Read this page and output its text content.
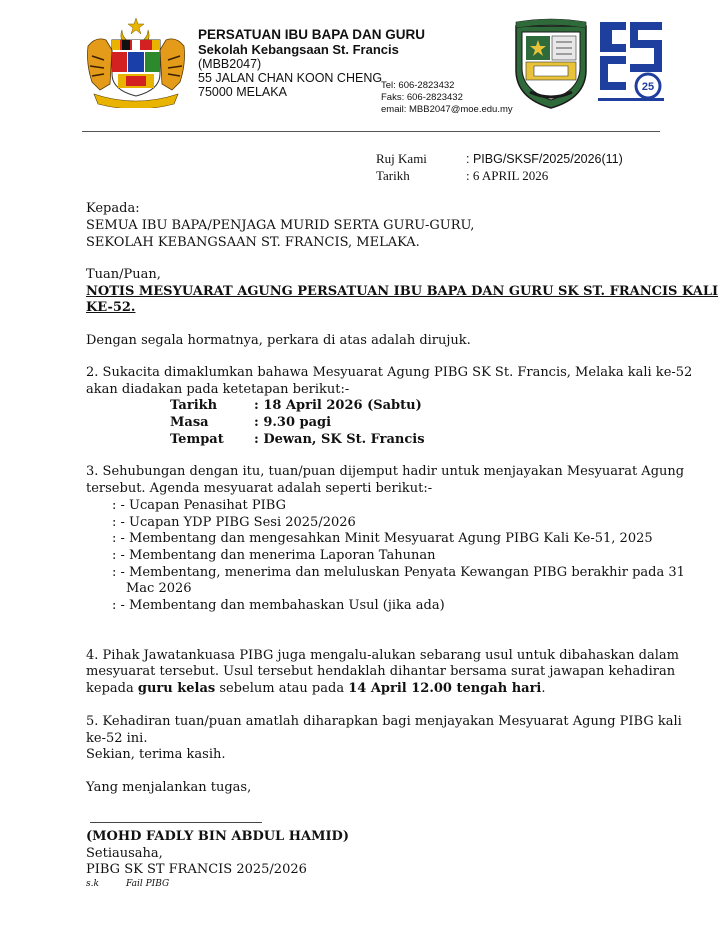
PERSATUAN IBU BAPA DAN GURU
Sekolah Kebangsaan St. Francis
(MBB2047)
55 JALAN CHAN KOON CHENG
75000 MELAKA	Tel: 606-2823432
Faks: 606-2823432
email: MBB2047@moe.edu.my
25
Ruj Kami	: PIBG/SKSF/2025/2026(11)
Tarikh	: 6 APRIL 2026
Kepada:
SEMUA IBU BAPA/PENJAGA MURID SERTA GURU-GURU,
SEKOLAH KEBANGSAAN ST. FRANCIS, MELAKA.
Tuan/Puan,
NOTIS MESYUARAT AGUNG PERSATUAN IBU BAPA DAN GURU SK ST. FRANCIS KALI
KE-52.
Dengan segala hormatnya, perkara di atas adalah dirujuk.
2. Sukacita dimaklumkan bahawa Mesyuarat Agung PIBG SK St. Francis, Melaka kali ke-52
akan diadakan pada ketetapan berikut:-
Tarikh	: 18 April 2026 (Sabtu)
Masa	: 9.30 pagi
Tempat : Dewan, SK St. Francis
3. Sehubungan dengan itu, tuan/puan dijemput hadir untuk menjayakan Mesyuarat Agung
tersebut. Agenda mesyuarat adalah seperti berikut:-
: - Ucapan Penasihat PIBG
: - Ucapan YDP PIBG Sesi 2025/2026
: - Membentang dan mengesahkan Minit Mesyuarat Agung PIBG Kali Ke-51, 2025
: - Membentang dan menerima Laporan Tahunan
: - Membentang, menerima dan meluluskan Penyata Kewangan PIBG berakhir pada 31
Mac 2026
: - Membentang dan membahaskan Usul (jika ada)
4. Pihak Jawatankuasa PIBG juga mengalu-alukan sebarang usul untuk dibahaskan dalam
mesyuarat tersebut. Usul tersebut hendaklah dihantar bersama surat jawapan kehadiran
kepada guru kelas sebelum atau pada 14 April 12.00 tengah hari.
5. Kehadiran tuan/puan amatlah diharapkan bagi menjayakan Mesyuarat Agung PIBG kali
ke-52 ini.
Sekian, terima kasih.
Yang menjalankan tugas,
(MOHD FADLY BIN ABDUL HAMID)
Setiausaha,
PIBG SK ST FRANCIS 2025/2026
s.k	Fail PIBG
